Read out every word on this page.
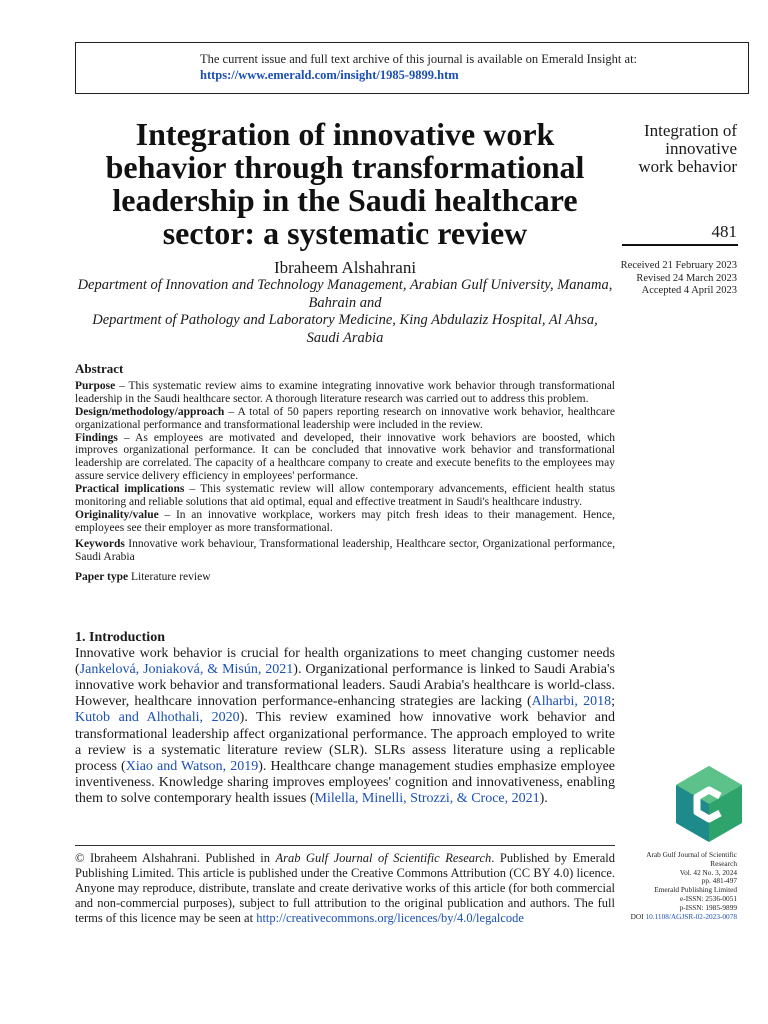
The current issue and full text archive of this journal is available on Emerald Insight at:
https://www.emerald.com/insight/1985-9899.htm
Integration of innovative work behavior through transformational leadership in the Saudi healthcare sector: a systematic review
Integration of
innovative
work behavior
481
Received 21 February 2023
Revised 24 March 2023
Accepted 4 April 2023
Ibraheem Alshahrani
Department of Innovation and Technology Management, Arabian Gulf University, Manama, Bahrain and
Department of Pathology and Laboratory Medicine, King Abdulaziz Hospital, Al Ahsa, Saudi Arabia
Abstract

Purpose – This systematic review aims to examine integrating innovative work behavior through transformational leadership in the Saudi healthcare sector. A thorough literature research was carried out to address this problem.

Design/methodology/approach – A total of 50 papers reporting research on innovative work behavior, healthcare organizational performance and transformational leadership were included in the review.

Findings – As employees are motivated and developed, their innovative work behaviors are boosted, which improves organizational performance. It can be concluded that innovative work behavior and transformational leadership are correlated. The capacity of a healthcare company to create and execute benefits to the employees may assure service delivery efficiency in employees' performance.

Practical implications – This systematic review will allow contemporary advancements, efficient health status monitoring and reliable solutions that aid optimal, equal and effective treatment in Saudi's healthcare industry.

Originality/value – In an innovative workplace, workers may pitch fresh ideas to their management. Hence, employees see their employer as more transformational.

Keywords Innovative work behaviour, Transformational leadership, Healthcare sector, Organizational performance, Saudi Arabia

Paper type Literature review

1. Introduction

Innovative work behavior is crucial for health organizations to meet changing customer needs (Jankelová, Joniaková, & Misún, 2021). Organizational performance is linked to Saudi Arabia's innovative work behavior and transformational leaders. Saudi Arabia's healthcare is world-class. However, healthcare innovation performance-enhancing strategies are lacking (Alharbi, 2018; Kutob and Alhothali, 2020). This review examined how innovative work behavior and transformational leadership affect organizational performance. The approach employed to write a review is a systematic literature review (SLR). SLRs assess literature using a replicable process (Xiao and Watson, 2019). Healthcare change management studies emphasize employee inventiveness. Knowledge sharing improves employees' cognition and innovativeness, enabling them to solve contemporary health issues (Milella, Minelli, Strozzi, & Croce, 2021).

© Ibraheem Alshahrani. Published in Arab Gulf Journal of Scientific Research. Published by Emerald Publishing Limited. This article is published under the Creative Commons Attribution (CC BY 4.0) licence. Anyone may reproduce, distribute, translate and create derivative works of this article (for both commercial and non-commercial purposes), subject to full attribution to the original publication and authors. The full terms of this licence may be seen at http://creativecommons.org/licences/by/4.0/legalcode
Arab Gulf Journal of Scientific
Research
Vol. 42 No. 3, 2024
pp. 481-497
Emerald Publishing Limited
e-ISSN: 2536-0051
p-ISSN: 1985-9899
DOI 10.1108/AGJSR-02-2023-0078
